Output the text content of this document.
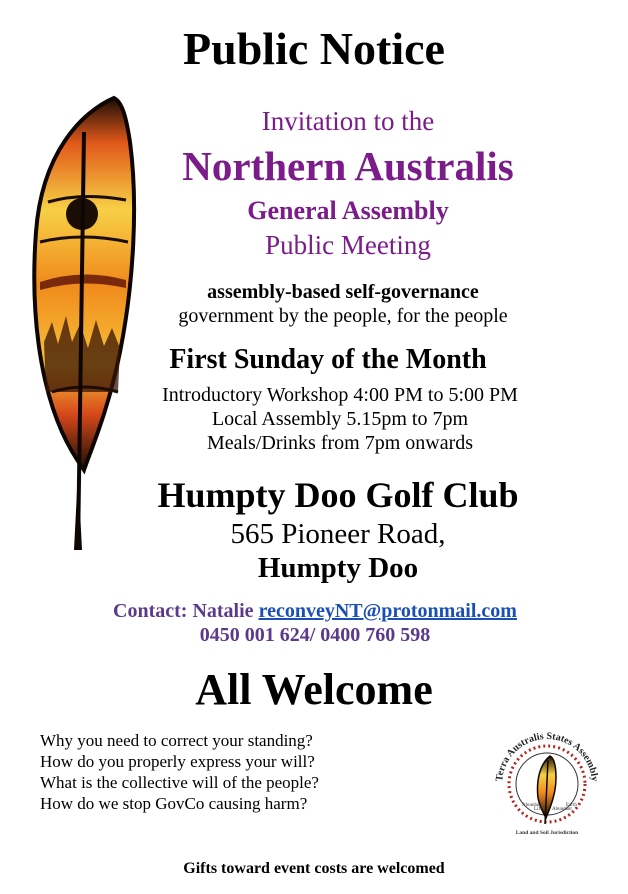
Public Notice
Invitation to the
Northern Australis
General Assembly
Public Meeting
assembly-based self-governance
government by the people, for the people
First Sunday of the Month
Introductory Workshop 4:00 PM to 5:00 PM
Local Assembly 5.15pm to 7pm
Meals/Drinks from 7pm onwards
Humpty Doo Golf Club
565 Pioneer Road,
Humpty Doo
Contact: Natalie reconveyNT@protonmail.com
0450 001 624/ 0400 760 598
All Welcome
Why you need to correct your standing?
How do you properly express your will?
What is the collective will of the people?
How do we stop GovCo causing harm?
Terra Australis States Assembly
Abundant
Life Abundant
Earth
Land and Soil Jurisdiction
Gifts toward event costs are welcomed
